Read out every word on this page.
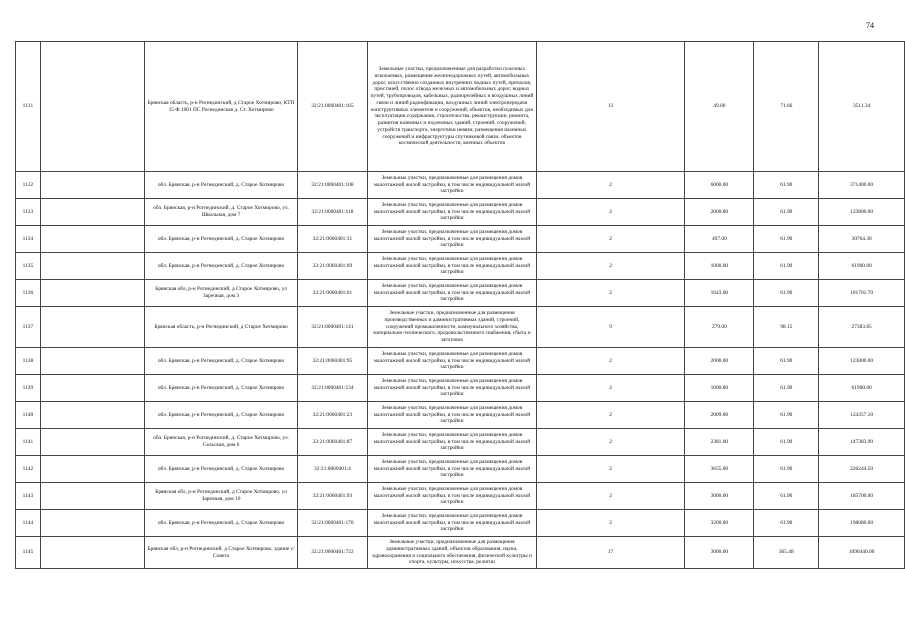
74
1131		Брянская область, р-н Рогнединский, д Старое Хотмирово, КТП 15 Ф.1001 ПС Рогнединская д. Ст. Хотмирово	32:21:0060401:165	Земельные участки, предназначенные для разработки полезных ископаемых, размещения железнодорожных путей, автомобильных дорог, искусственно созданных внутренних водных путей, причалов, пристаней, полос отвода железных и автомобильных дорог, водных путей, трубопроводов, кабельных, радиорелейных и воздушных линий связи и линий радиофикации, воздушных линий электропередачи конструктивных элементов и сооружений, объектов, необходимых для эксплуатации,содержания, строительства, реконструкции, ремонта, развития наземных и подземных зданий, строений, сооружений, устройств транспорта, энергетики иевязи; размещения наземных сооружений и инфраструктуры спутниковой связи, объектов космической деятельности, военных объектов	13	49.00	71.66	3511.34
1132		обл. Брянская, р-н Рогнединский, д. Старое Хотмирово	32:21:0060401:108	Земельные участки, предназначенные для размещения домов малоэтажной жилой застройки, в том числе индивидуальной жилой застройки	2	6000.00	61.90	371400.00
1133		обл. Брянская, р-н Рогнединский, д. Старое Хотмирово, ул. Школьная, дом 7	32:21:0060401:118	Земельные участки, предназначенные для размещения домов малоэтажной жилой застройки, в том числе индивидуальной жилой застройки	2	2000.00	61.90	123800.00
1134		обл. Брянская, р-н Рогнединский, д. Старое Хотмирово	32:21:0060401:31	Земельные участки, предназначенные для размещения домов малоэтажной жилой застройки, в том числе индивидуальной жилой застройки	2	497.00	61.90	30764.30
1135		обл. Брянская, р-н Рогнединский, д. Старое Хотмирово	32:21:0060401:69	Земельные участки, предназначенные для размещения домов малоэтажной жилой застройки, в том числе индивидуальной жилой застройки	2	1000.00	61.90	61900.00
1136		Брянская обл, р-н Рогнединский, д Старое Хотмирово, ул Заречная, дом 3	32:21:0060401:61	Земельные участки, предназначенные для размещения домов малоэтажной жилой застройки, в том числе индивидуальной жилой застройки	2	1643.00	61.90	101701.70
1137		Брянская область, р-н Рогнединский, д Старое Хотмирово	32:21:0060401:141	Земельные участки, предназначенные для размещения производственных и административных зданий, строений, сооружений промышленности, коммунального хозяйства, материально-технического, продовольственного снабжения, сбыта и заготовок	9	279.00	98.15	27383.85
1138		обл. Брянская, р-н Рогнединский, д. Старое Хотмирово	32:21:0060401:95	Земельные участки, предназначенные для размещения домов малоэтажной жилой застройки, в том числе индивидуальной жилой застройки	2	2000.00	61.90	123800.00
1139		обл. Брянская, р-н Рогнединский, д. Старое Хотмирово	32:21:0060401:134	Земельные участки, предназначенные для размещения домов малоэтажной жилой застройки, в том числе индивидуальной жилой застройки	2	1000.00	61.90	61900.00
1140		обл. Брянская, р-н Рогнединский, д. Старое Хотмирово	32:21:0060401:23	Земельные участки, предназначенные для размещения домов малоэтажной жилой застройки, в том числе индивидуальной жилой застройки	2	2009.00	61.90	124357.10
1141		обл. Брянская, р-н Рогнединский, д. Старое Хотмирово, ул. Сельская, дом 6	32:21:0060401:87	Земельные участки, предназначенные для размещения домов малоэтажной жилой застройки, в том числе индивидуальной жилой застройки	2	2381.00	61.90	147383.90
1142		обл. Брянская, р-н Рогнединский, д. Старое Хотмирово	32:21:0060401:4	Земельные участки, предназначенные для размещения домов малоэтажной жилой застройки, в том числе индивидуальной жилой застройки	2	3655.00	61.90	226244.50
1143		Брянская обл, р-н Рогнединский, д Старое Хотмирово, ул Заречная, дом 10	32:21:0060401:93	Земельные участки, предназначенные для размещения домов малоэтажной жилой застройки, в том числе индивидуальной жилой застройки	2	3000.00	61.90	185700.00
1144		обл. Брянская, р-н Рогнединский, д. Старое Хотмирово	32:21:0060401:170	Земельные участки, предназначенные для размещения домов малоэтажной жилой застройки, в том числе индивидуальной жилой застройки	2	3200.00	61.90	198080.00
1145		Брянская обл, р-н Рогнединский, д Старое Хотмирово, здание с/Совета	32:21:0060401:722	Земельные участки, предназначенные для размещения административных зданий, объектов образования, науки, здравоохранения и социального обеспечения, физической культуры и спорта, культуры, искусства, религии	17	3000.00	365.48	1096440.00
